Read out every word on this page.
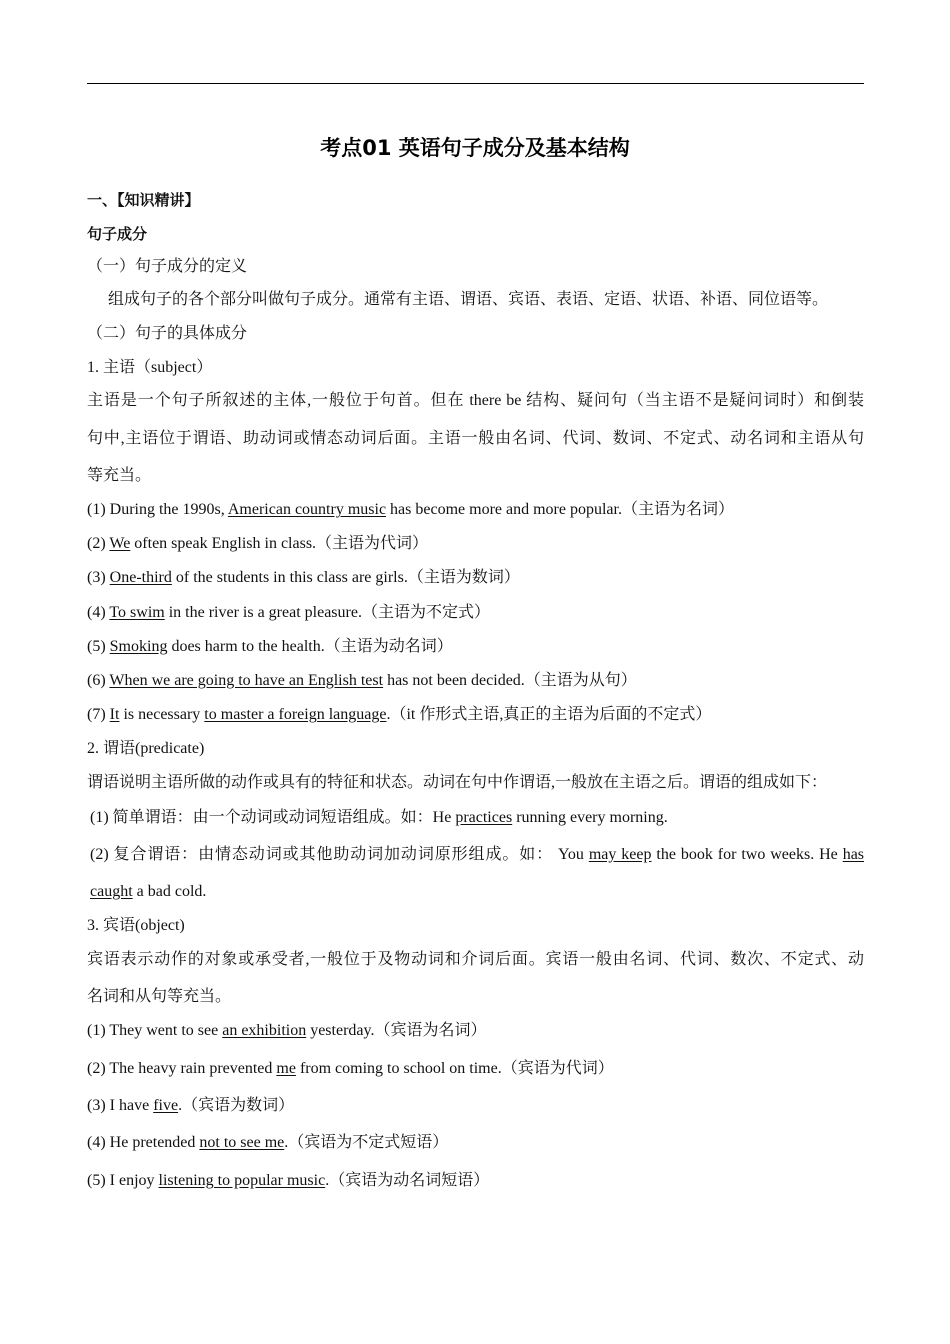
考点01 英语句子成分及基本结构
一、【知识精讲】
句子成分
（一）句子成分的定义
组成句子的各个部分叫做句子成分。通常有主语、谓语、宾语、表语、定语、状语、补语、同位语等。
（二）句子的具体成分
1. 主语（subject）
主语是一个句子所叙述的主体,一般位于句首。但在 there be 结构、疑问句（当主语不是疑问词时）和倒装
句中,主语位于谓语、助动词或情态动词后面。主语一般由名词、代词、数词、不定式、动名词和主语从句
等充当。
(1) During the 1990s, American country music has become more and more popular.（主语为名词）
(2) We often speak English in class.（主语为代词）
(3) One-third of the students in this class are girls.（主语为数词）
(4) To swim in the river is a great pleasure.（主语为不定式）
(5) Smoking does harm to the health.（主语为动名词）
(6) When we are going to have an English test has not been decided.（主语为从句）
(7) It is necessary to master a foreign language.（it 作形式主语,真正的主语为后面的不定式）
2. 谓语(predicate)
谓语说明主语所做的动作或具有的特征和状态。动词在句中作谓语,一般放在主语之后。谓语的组成如下：
(1) 简单谓语：由一个动词或动词短语组成。如：He practices running every morning.
(2) 复合谓语：由情态动词或其他助动词加动词原形组成。如： You may keep the book for two weeks. He has
caught a bad cold.
3. 宾语(object)
宾语表示动作的对象或承受者,一般位于及物动词和介词后面。宾语一般由名词、代词、数次、不定式、动
名词和从句等充当。
(1) They went to see an exhibition yesterday.（宾语为名词）
(2) The heavy rain prevented me from coming to school on time.（宾语为代词）
(3) I have five.（宾语为数词）
(4) He pretended not to see me.（宾语为不定式短语）
(5) I enjoy listening to popular music.（宾语为动名词短语）
